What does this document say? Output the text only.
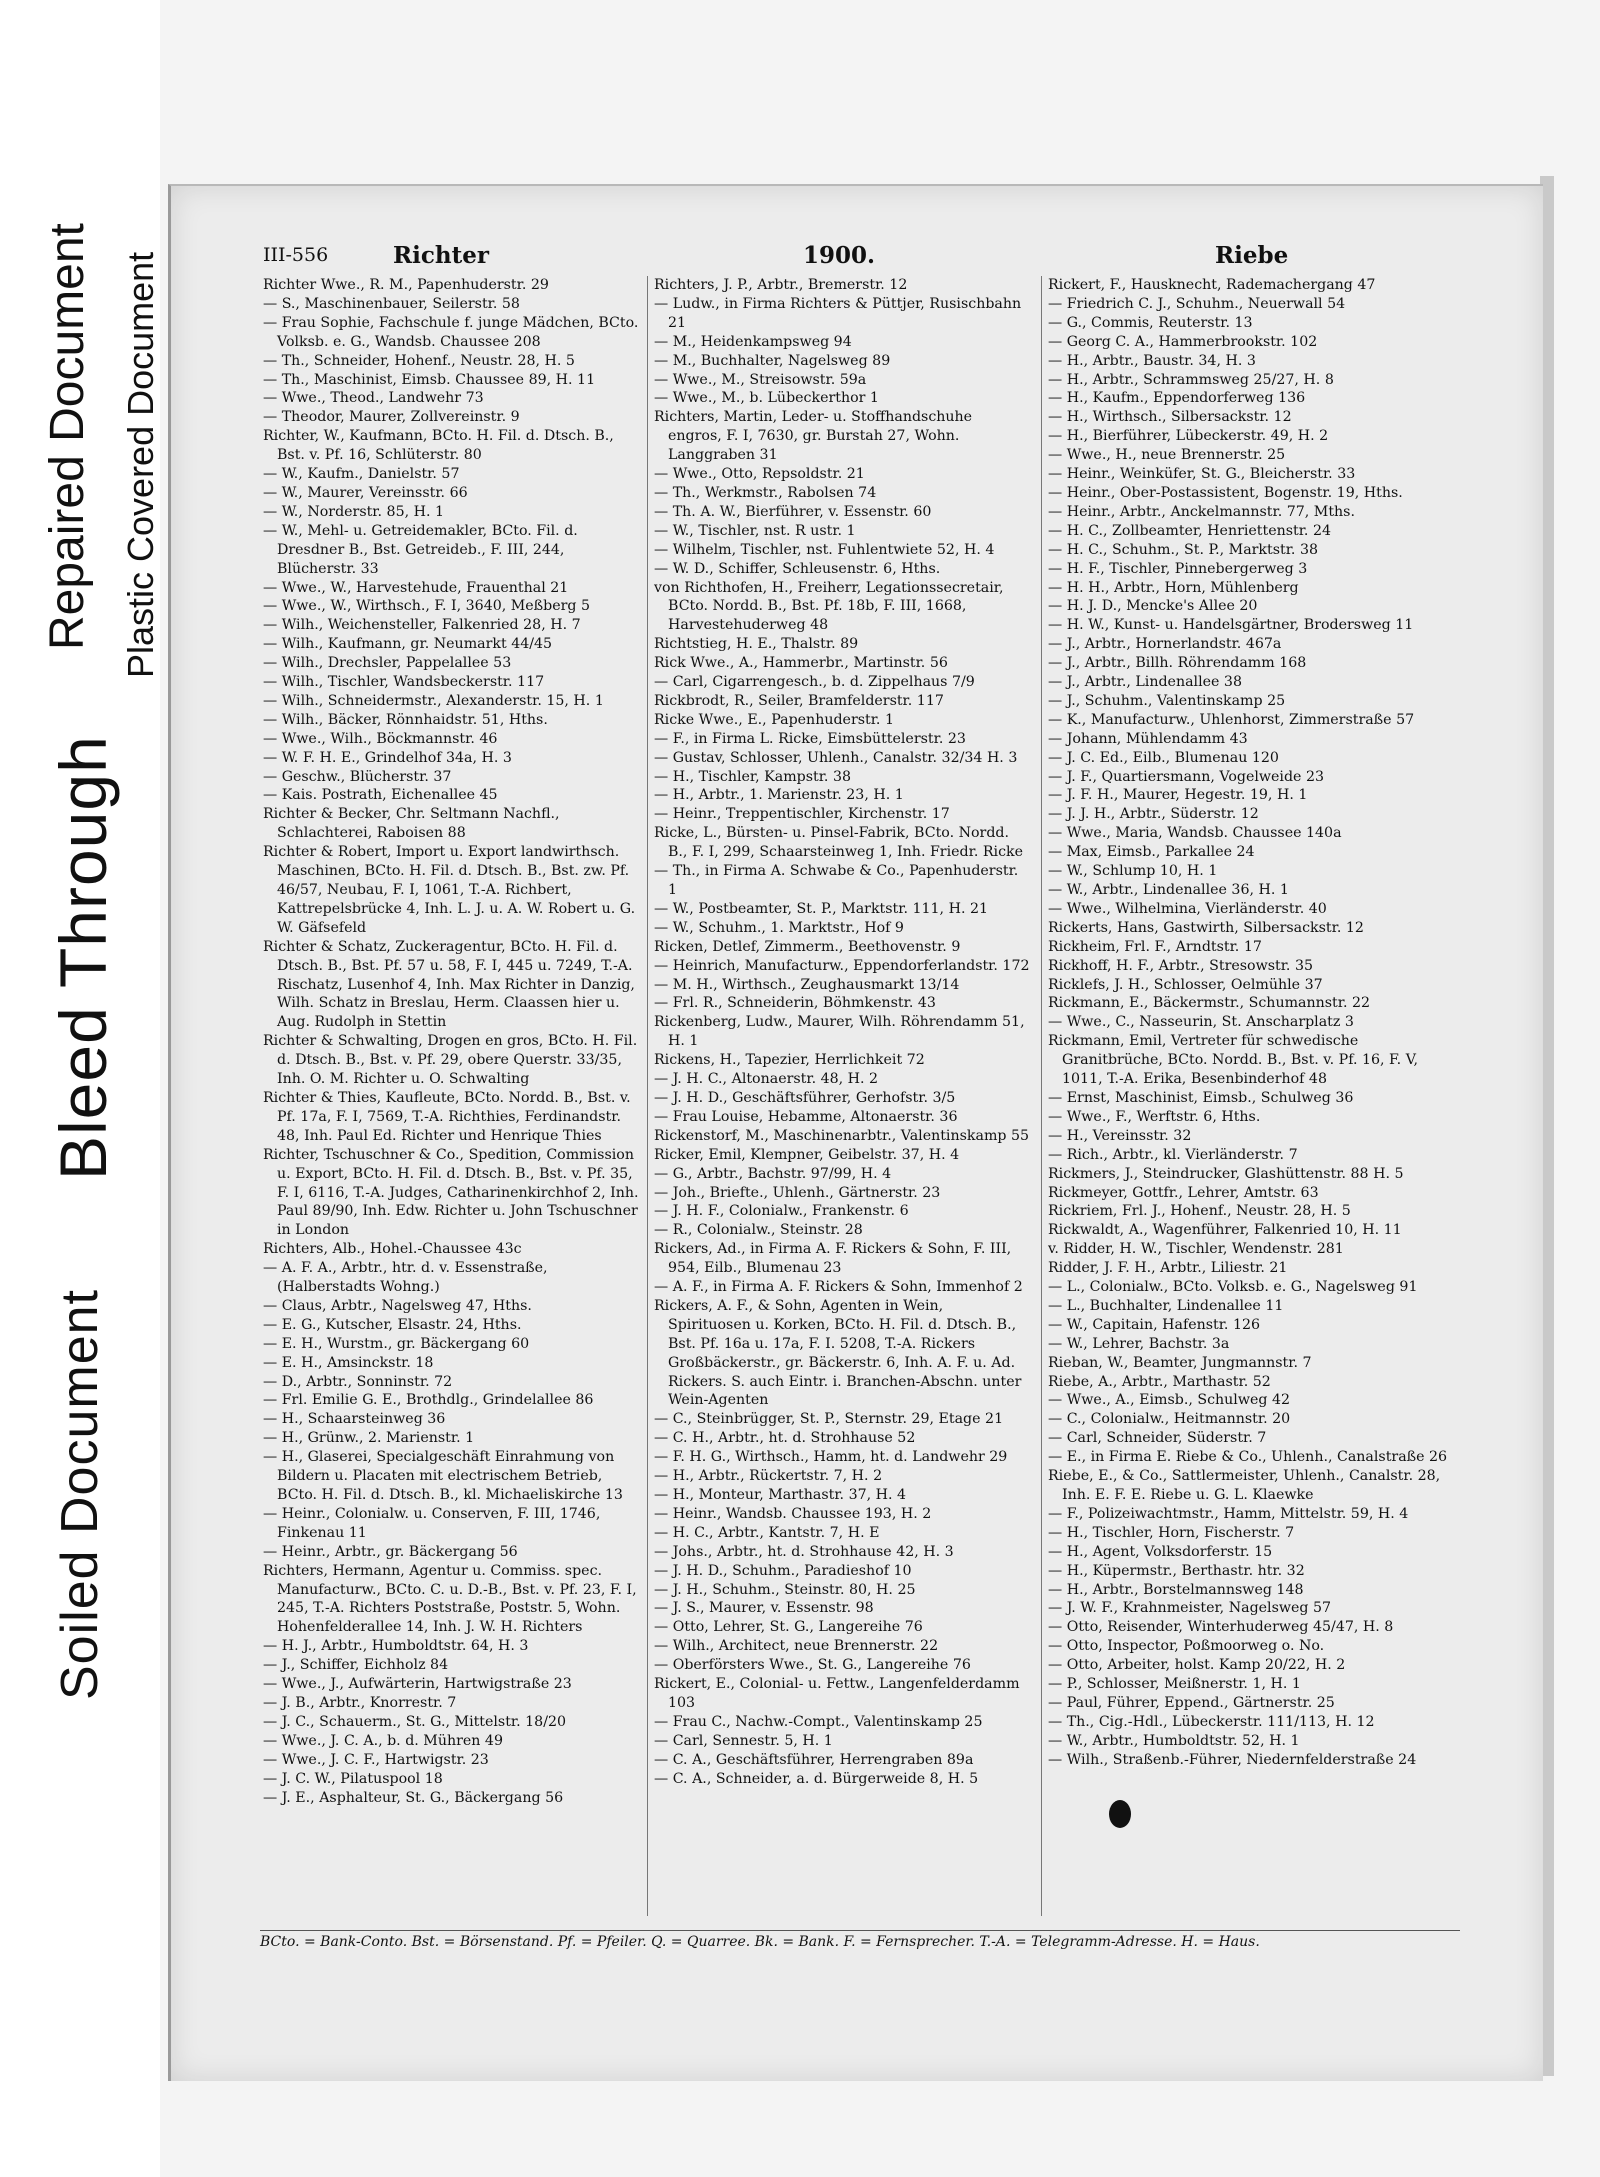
Soiled Document
Bleed Through
Repaired Document Plastic Covered Document	III-556	Richter	1900.	Riebe

Richter Wwe., R. M., Papenhuderstr. 29

— S., Maschinenbauer, Seilerstr. 58

— Frau Sophie, Fachschule f. junge Mädchen, BCto. Volksb. e. G., Wandsb. Chaussee 208

— Th., Schneider, Hohenf., Neustr. 28, H. 5

— Th., Maschinist, Eimsb. Chaussee 89, H. 11

— Wwe., Theod., Landwehr 73

— Theodor, Maurer, Zollvereinstr. 9

Richter, W., Kaufmann, BCto. H. Fil. d. Dtsch. B., Bst. v. Pf. 16, Schlüterstr. 80

— W., Kaufm., Danielstr. 57

— W., Maurer, Vereinsstr. 66

— W., Norderstr. 85, H. 1

— W., Mehl- u. Getreidemakler, BCto. Fil. d. Dresdner B., Bst. Getreideb., F. III, 244, Blücherstr. 33

— Wwe., W., Harvestehude, Frauenthal 21

— Wwe., W., Wirthsch., F. I, 3640, Meßberg 5

— Wilh., Weichensteller, Falkenried 28, H. 7

— Wilh., Kaufmann, gr. Neumarkt 44/45

— Wilh., Drechsler, Pappelallee 53

— Wilh., Tischler, Wandsbeckerstr. 117

— Wilh., Schneidermstr., Alexanderstr. 15, H. 1

— Wilh., Bäcker, Rönnhaidstr. 51, Hths.

— Wwe., Wilh., Böckmannstr. 46

— W. F. H. E., Grindelhof 34a, H. 3

— Geschw., Blücherstr. 37

— Kais. Postrath, Eichenallee 45

Richter & Becker, Chr. Seltmann Nachfl., Schlachterei, Raboisen 88

Richter & Robert, Import u. Export landwirthsch. Maschinen, BCto. H. Fil. d. Dtsch. B., Bst. zw. Pf. 46/57, Neubau, F. I, 1061, T.-A. Richbert, Kattrepelsbrücke 4, Inh. L. J. u. A. W. Robert u. G. W. Gäfsefeld

Richter & Schatz, Zuckeragentur, BCto. H. Fil. d. Dtsch. B., Bst. Pf. 57 u. 58, F. I, 445 u. 7249, T.-A. Rischatz, Lusenhof 4, Inh. Max Richter in Danzig, Wilh. Schatz in Breslau, Herm. Claassen hier u. Aug. Rudolph in Stettin

Richter & Schwalting, Drogen en gros, BCto. H. Fil. d. Dtsch. B., Bst. v. Pf. 29, obere Querstr. 33/35, Inh. O. M. Richter u. O. Schwalting

Richter & Thies, Kaufleute, BCto. Nordd. B., Bst. v. Pf. 17a, F. I, 7569, T.-A. Richthies, Ferdinandstr. 48, Inh. Paul Ed. Richter und Henrique Thies

Richter, Tschuschner & Co., Spedition, Commission u. Export, BCto. H. Fil. d. Dtsch. B., Bst. v. Pf. 35, F. I, 6116, T.-A. Judges, Catharinenkirchhof 2, Inh. Paul 89/90, Inh. Edw. Richter u. John Tschuschner in London

Richters, Alb., Hohel.-Chaussee 43c

— A. F. A., Arbtr., htr. d. v. Essenstraße, (Halberstadts Wohng.)

— Claus, Arbtr., Nagelsweg 47, Hths.

— E. G., Kutscher, Elsastr. 24, Hths.

— E. H., Wurstm., gr. Bäckergang 60

— E. H., Amsinckstr. 18

— D., Arbtr., Sonninstr. 72

— Frl. Emilie G. E., Brothdlg., Grindelallee 86

— H., Schaarsteinweg 36

— H., Grünw., 2. Marienstr. 1

— H., Glaserei, Specialgeschäft Einrahmung von Bildern u. Placaten mit electrischem Betrieb, BCto. H. Fil. d. Dtsch. B., kl. Michaeliskirche 13

— Heinr., Colonialw. u. Conserven, F. III, 1746, Finkenau 11

— Heinr., Arbtr., gr. Bäckergang 56

Richters, Hermann, Agentur u. Commiss. spec. Manufacturw., BCto. C. u. D.-B., Bst. v. Pf. 23, F. I, 245, T.-A. Richters Poststraße, Poststr. 5, Wohn. Hohenfelderallee 14, Inh. J. W. H. Richters

— H. J., Arbtr., Humboldtstr. 64, H. 3

— J., Schiffer, Eichholz 84

— Wwe., J., Aufwärterin, Hartwigstraße 23

— J. B., Arbtr., Knorrestr. 7

— J. C., Schauerm., St. G., Mittelstr. 18/20

— Wwe., J. C. A., b. d. Mühren 49

— Wwe., J. C. F., Hartwigstr. 23

— J. C. W., Pilatuspool 18

— J. E., Asphalteur, St. G., Bäckergang 56

Richters, J. P., Arbtr., Bremerstr. 12

— Ludw., in Firma Richters & Püttjer, Rusischbahn 21

— M., Heidenkampsweg 94

— M., Buchhalter, Nagelsweg 89

— Wwe., M., Streisowstr. 59a

— Wwe., M., b. Lübeckerthor 1

Richters, Martin, Leder- u. Stoffhandschuhe engros, F. I, 7630, gr. Burstah 27, Wohn. Langgraben 31

— Wwe., Otto, Repsoldstr. 21

— Th., Werkmstr., Rabolsen 74

— Th. A. W., Bierführer, v. Essenstr. 60

— W., Tischler, nst. R ustr. 1

— Wilhelm, Tischler, nst. Fuhlentwiete 52, H. 4

— W. D., Schiffer, Schleusenstr. 6, Hths.

von Richthofen, H., Freiherr, Legationssecretair, BCto. Nordd. B., Bst. Pf. 18b, F. III, 1668, Harvestehuderweg 48

Richtstieg, H. E., Thalstr. 89

Rick Wwe., A., Hammerbr., Martinstr. 56

— Carl, Cigarrengesch., b. d. Zippelhaus 7/9

Rickbrodt, R., Seiler, Bramfelderstr. 117

Ricke Wwe., E., Papenhuderstr. 1

— F., in Firma L. Ricke, Eimsbüttelerstr. 23

— Gustav, Schlosser, Uhlenh., Canalstr. 32/34 H. 3

— H., Tischler, Kampstr. 38

— H., Arbtr., 1. Marienstr. 23, H. 1

— Heinr., Treppentischler, Kirchenstr. 17

Ricke, L., Bürsten- u. Pinsel-Fabrik, BCto. Nordd. B., F. I, 299, Schaarsteinweg 1, Inh. Friedr. Ricke

— Th., in Firma A. Schwabe & Co., Papenhuderstr. 1

— W., Postbeamter, St. P., Marktstr. 111, H. 21

— W., Schuhm., 1. Marktstr., Hof 9

Ricken, Detlef, Zimmerm., Beethovenstr. 9

— Heinrich, Manufacturw., Eppendorferlandstr. 172

— M. H., Wirthsch., Zeughausmarkt 13/14

— Frl. R., Schneiderin, Böhmkenstr. 43

Rickenberg, Ludw., Maurer, Wilh. Röhrendamm 51, H. 1

Rickens, H., Tapezier, Herrlichkeit 72

— J. H. C., Altonaerstr. 48, H. 2

— J. H. D., Geschäftsführer, Gerhofstr. 3/5

— Frau Louise, Hebamme, Altonaerstr. 36

Rickenstorf, M., Maschinenarbtr., Valentinskamp 55

Ricker, Emil, Klempner, Geibelstr. 37, H. 4

— G., Arbtr., Bachstr. 97/99, H. 4

— Joh., Briefte., Uhlenh., Gärtnerstr. 23

— J. H. F., Colonialw., Frankenstr. 6

— R., Colonialw., Steinstr. 28

Rickers, Ad., in Firma A. F. Rickers & Sohn, F. III, 954, Eilb., Blumenau 23

— A. F., in Firma A. F. Rickers & Sohn, Immenhof 2

Rickers, A. F., & Sohn, Agenten in Wein, Spirituosen u. Korken, BCto. H. Fil. d. Dtsch. B., Bst. Pf. 16a u. 17a, F. I. 5208, T.-A. Rickers Großbäckerstr., gr. Bäckerstr. 6, Inh. A. F. u. Ad. Rickers. S. auch Eintr. i. Branchen-Abschn. unter Wein-Agenten

— C., Steinbrügger, St. P., Sternstr. 29, Etage 21

— C. H., Arbtr., ht. d. Strohhause 52

— F. H. G., Wirthsch., Hamm, ht. d. Landwehr 29

— H., Arbtr., Rückertstr. 7, H. 2

— H., Monteur, Marthastr. 37, H. 4

— Heinr., Wandsb. Chaussee 193, H. 2

— H. C., Arbtr., Kantstr. 7, H. E

— Johs., Arbtr., ht. d. Strohhause 42, H. 3

— J. H. D., Schuhm., Paradieshof 10

— J. H., Schuhm., Steinstr. 80, H. 25

— J. S., Maurer, v. Essenstr. 98

— Otto, Lehrer, St. G., Langereihe 76

— Wilh., Architect, neue Brennerstr. 22

— Oberförsters Wwe., St. G., Langereihe 76

Rickert, E., Colonial- u. Fettw., Langenfelderdamm 103

— Frau C., Nachw.-Compt., Valentinskamp 25

— Carl, Sennestr. 5, H. 1

— C. A., Geschäftsführer, Herrengraben 89a

— C. A., Schneider, a. d. Bürgerweide 8, H. 5

Rickert, F., Hausknecht, Rademachergang 47

— Friedrich C. J., Schuhm., Neuerwall 54

— G., Commis, Reuterstr. 13

— Georg C. A., Hammerbrookstr. 102

— H., Arbtr., Baustr. 34, H. 3

— H., Arbtr., Schrammsweg 25/27, H. 8

— H., Kaufm., Eppendorferweg 136

— H., Wirthsch., Silbersackstr. 12

— H., Bierführer, Lübeckerstr. 49, H. 2

— Wwe., H., neue Brennerstr. 25

— Heinr., Weinküfer, St. G., Bleicherstr. 33

— Heinr., Ober-Postassistent, Bogenstr. 19, Hths.

— Heinr., Arbtr., Anckelmannstr. 77, Mths.

— H. C., Zollbeamter, Henriettenstr. 24

— H. C., Schuhm., St. P., Marktstr. 38

— H. F., Tischler, Pinnebergerweg 3

— H. H., Arbtr., Horn, Mühlenberg

— H. J. D., Mencke's Allee 20

— H. W., Kunst- u. Handelsgärtner, Brodersweg 11

— J., Arbtr., Hornerlandstr. 467a

— J., Arbtr., Billh. Röhrendamm 168

— J., Arbtr., Lindenallee 38

— J., Schuhm., Valentinskamp 25

— K., Manufacturw., Uhlenhorst, Zimmerstraße 57

— Johann, Mühlendamm 43

— J. C. Ed., Eilb., Blumenau 120

— J. F., Quartiersmann, Vogelweide 23

— J. F. H., Maurer, Hegestr. 19, H. 1

— J. J. H., Arbtr., Süderstr. 12

— Wwe., Maria, Wandsb. Chaussee 140a

— Max, Eimsb., Parkallee 24

— W., Schlump 10, H. 1

— W., Arbtr., Lindenallee 36, H. 1

— Wwe., Wilhelmina, Vierländerstr. 40

Rickerts, Hans, Gastwirth, Silbersackstr. 12

Rickheim, Frl. F., Arndtstr. 17

Rickhoff, H. F., Arbtr., Stresowstr. 35

Ricklefs, J. H., Schlosser, Oelmühle 37

Rickmann, E., Bäckermstr., Schumannstr. 22

— Wwe., C., Nasseurin, St. Anscharplatz 3

Rickmann, Emil, Vertreter für schwedische Granitbrüche, BCto. Nordd. B., Bst. v. Pf. 16, F. V, 1011, T.-A. Erika, Besenbinderhof 48

— Ernst, Maschinist, Eimsb., Schulweg 36

— Wwe., F., Werftstr. 6, Hths.

— H., Vereinsstr. 32

— Rich., Arbtr., kl. Vierländerstr. 7

Rickmers, J., Steindrucker, Glashüttenstr. 88 H. 5

Rickmeyer, Gottfr., Lehrer, Amtstr. 63

Rickriem, Frl. J., Hohenf., Neustr. 28, H. 5

Rickwaldt, A., Wagenführer, Falkenried 10, H. 11

v. Ridder, H. W., Tischler, Wendenstr. 281

Ridder, J. F. H., Arbtr., Liliestr. 21

— L., Colonialw., BCto. Volksb. e. G., Nagelsweg 91

— L., Buchhalter, Lindenallee 11

— W., Capitain, Hafenstr. 126

— W., Lehrer, Bachstr. 3a

Rieban, W., Beamter, Jungmannstr. 7

Riebe, A., Arbtr., Marthastr. 52

— Wwe., A., Eimsb., Schulweg 42

— C., Colonialw., Heitmannstr. 20

— Carl, Schneider, Süderstr. 7

— E., in Firma E. Riebe & Co., Uhlenh., Canalstraße 26

Riebe, E., & Co., Sattlermeister, Uhlenh., Canalstr. 28, Inh. E. F. E. Riebe u. G. L. Klaewke

— F., Polizeiwachtmstr., Hamm, Mittelstr. 59, H. 4

— H., Tischler, Horn, Fischerstr. 7

— H., Agent, Volksdorferstr. 15

— H., Küpermstr., Berthastr. htr. 32

— H., Arbtr., Borstelmannsweg 148

— J. W. F., Krahnmeister, Nagelsweg 57

— Otto, Reisender, Winterhuderweg 45/47, H. 8

— Otto, Inspector, Poßmoorweg o. No.

— Otto, Arbeiter, holst. Kamp 20/22, H. 2

— P., Schlosser, Meißnerstr. 1, H. 1

— Paul, Führer, Eppend., Gärtnerstr. 25

— Th., Cig.-Hdl., Lübeckerstr. 111/113, H. 12

— W., Arbtr., Humboldtstr. 52, H. 1

— Wilh., Straßenb.-Führer, Niedernfelderstraße 24

BCto. = Bank-Conto. Bst. = Börsenstand. Pf. = Pfeiler. Q. = Quarree. Bk. = Bank. F. = Fernsprecher. T.-A. = Telegramm-Adresse. H. = Haus.
